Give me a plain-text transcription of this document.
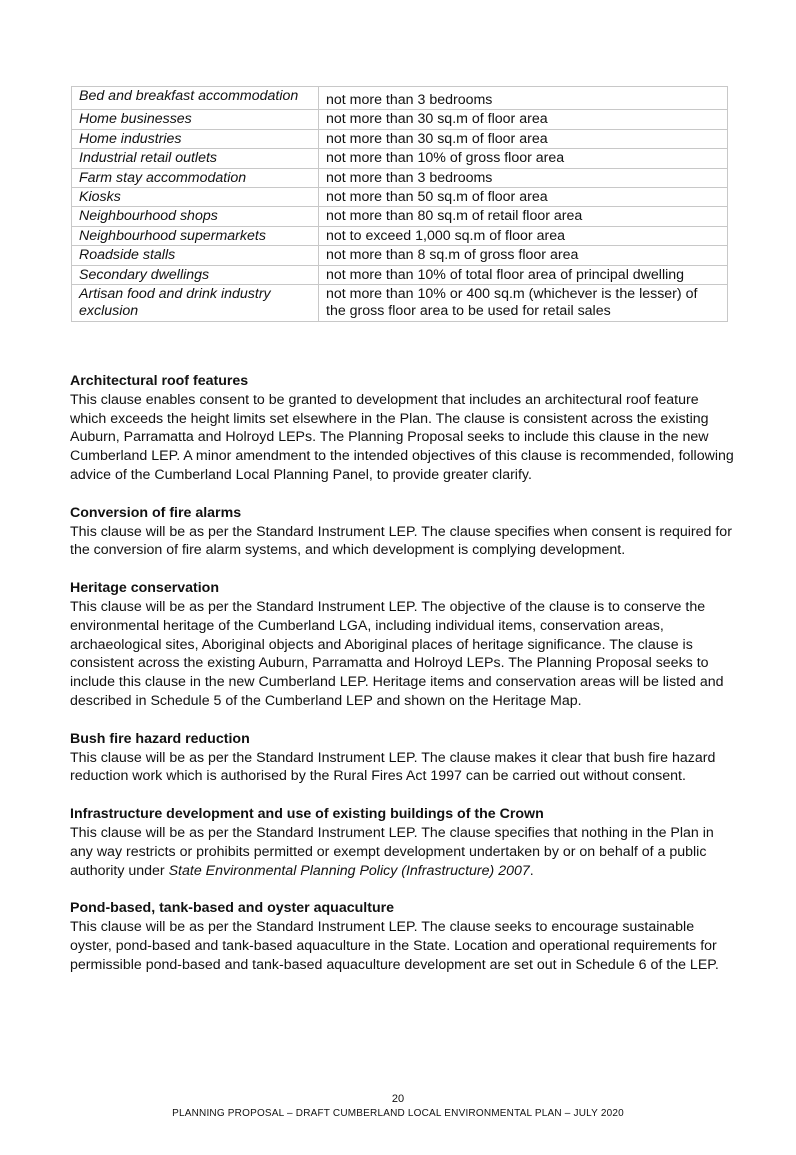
Bed and breakfast accommodation	not more than 3 bedrooms
Home businesses	not more than 30 sq.m of floor area
Home industries	not more than 30 sq.m of floor area
Industrial retail outlets	not more than 10% of gross floor area
Farm stay accommodation	not more than 3 bedrooms
Kiosks	not more than 50 sq.m of floor area
Neighbourhood shops	not more than 80 sq.m of retail floor area
Neighbourhood supermarkets	not to exceed 1,000 sq.m of floor area
Roadside stalls	not more than 8 sq.m of gross floor area
Secondary dwellings	not more than 10% of total floor area of principal dwelling
Artisan food and drink industry exclusion	not more than 10% or 400 sq.m (whichever is the lesser) of the gross floor area to be used for retail sales
Architectural roof features

This clause enables consent to be granted to development that includes an architectural roof feature which exceeds the height limits set elsewhere in the Plan. The clause is consistent across the existing Auburn, Parramatta and Holroyd LEPs. The Planning Proposal seeks to include this clause in the new Cumberland LEP. A minor amendment to the intended objectives of this clause is recommended, following advice of the Cumberland Local Planning Panel, to provide greater clarify.

Conversion of fire alarms

This clause will be as per the Standard Instrument LEP. The clause specifies when consent is required for the conversion of fire alarm systems, and which development is complying development.

Heritage conservation

This clause will be as per the Standard Instrument LEP. The objective of the clause is to conserve the environmental heritage of the Cumberland LGA, including individual items, conservation areas, archaeological sites, Aboriginal objects and Aboriginal places of heritage significance. The clause is consistent across the existing Auburn, Parramatta and Holroyd LEPs. The Planning Proposal seeks to include this clause in the new Cumberland LEP. Heritage items and conservation areas will be listed and described in Schedule 5 of the Cumberland LEP and shown on the Heritage Map.

Bush fire hazard reduction

This clause will be as per the Standard Instrument LEP. The clause makes it clear that bush fire hazard reduction work which is authorised by the Rural Fires Act 1997 can be carried out without consent.

Infrastructure development and use of existing buildings of the Crown

This clause will be as per the Standard Instrument LEP. The clause specifies that nothing in the Plan in any way restricts or prohibits permitted or exempt development undertaken by or on behalf of a public authority under State Environmental Planning Policy (Infrastructure) 2007.

Pond-based, tank-based and oyster aquaculture

This clause will be as per the Standard Instrument LEP. The clause seeks to encourage sustainable oyster, pond-based and tank-based aquaculture in the State. Location and operational requirements for permissible pond-based and tank-based aquaculture development are set out in Schedule 6 of the LEP.

20
PLANNING PROPOSAL – DRAFT CUMBERLAND LOCAL ENVIRONMENTAL PLAN – JULY 2020
